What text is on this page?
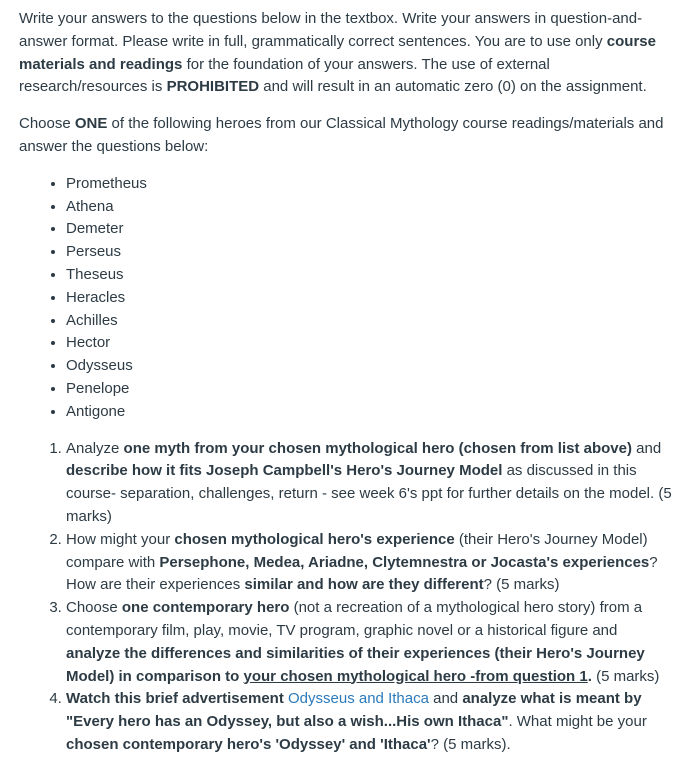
Write your answers to the questions below in the textbox. Write your answers in question-and-answer format. Please write in full, grammatically correct sentences. You are to use only course materials and readings for the foundation of your answers. The use of external research/resources is PROHIBITED and will result in an automatic zero (0) on the assignment.

Choose ONE of the following heroes from our Classical Mythology course readings/materials and answer the questions below:

• Prometheus
• Athena
• Demeter
• Perseus
• Theseus
• Heracles
• Achilles
• Hector
• Odysseus
• Penelope
• Antigone
1. Analyze one myth from your chosen mythological hero (chosen from list above) and describe how it fits Joseph Campbell's Hero's Journey Model as discussed in this course- separation, challenges, return - see week 6's ppt for further details on the model. (5 marks)
2. How might your chosen mythological hero's experience (their Hero's Journey Model) compare with Persephone, Medea, Ariadne, Clytemnestra or Jocasta's experiences? How are their experiences similar and how are they different? (5 marks)
3. Choose one contemporary hero (not a recreation of a mythological hero story) from a contemporary film, play, movie, TV program, graphic novel or a historical figure and analyze the differences and similarities of their experiences (their Hero's Journey Model) in comparison to your chosen mythological hero -from question 1. (5 marks)
4. Watch this brief advertisement Odysseus and Ithaca and analyze what is meant by "Every hero has an Odyssey, but also a wish...His own Ithaca". What might be your chosen contemporary hero's 'Odyssey' and 'Ithaca'? (5 marks).
